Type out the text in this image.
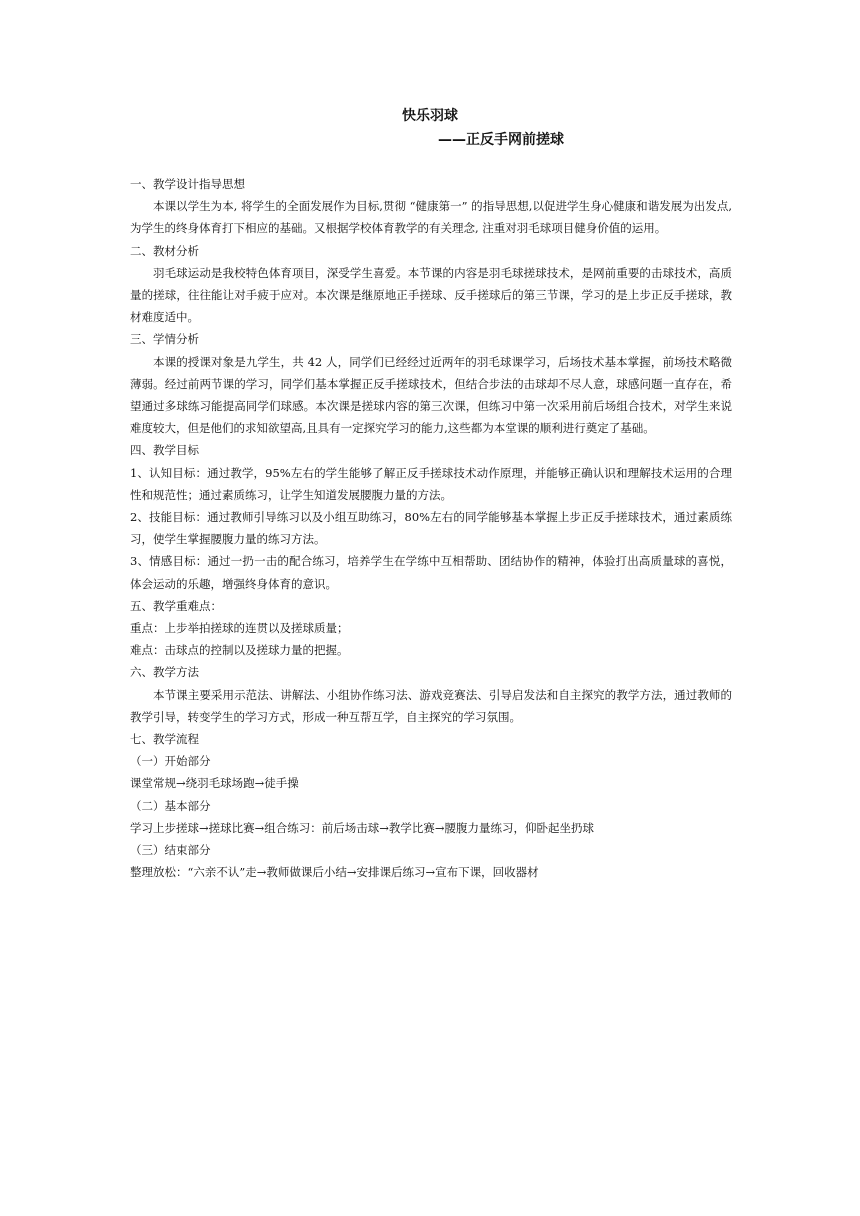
快乐羽球
——正反手网前搓球

一、教学设计指导思想

本课以学生为本, 将学生的全面发展作为目标,贯彻 “健康第一” 的指导思想,以促进学生身心健康和谐发展为出发点, 为学生的终身体育打下相应的基础。又根据学校体育教学的有关理念, 注重对羽毛球项目健身价值的运用。

二、教材分析

羽毛球运动是我校特色体育项目，深受学生喜爱。本节课的内容是羽毛球搓球技术，是网前重要的击球技术，高质量的搓球，往往能让对手疲于应对。本次课是继原地正手搓球、反手搓球后的第三节课，学习的是上步正反手搓球，教材难度适中。

三、学情分析

本课的授课对象是九学生，共 42 人，同学们已经经过近两年的羽毛球课学习，后场技术基本掌握，前场技术略微薄弱。经过前两节课的学习，同学们基本掌握正反手搓球技术，但结合步法的击球却不尽人意，球感问题一直存在，希望通过多球练习能提高同学们球感。本次课是搓球内容的第三次课，但练习中第一次采用前后场组合技术，对学生来说难度较大，但是他们的求知欲望高,且具有一定探究学习的能力,这些都为本堂课的顺利进行奠定了基础。

四、教学目标

1、认知目标：通过教学，95%左右的学生能够了解正反手搓球技术动作原理，并能够正确认识和理解技术运用的合理性和规范性；通过素质练习，让学生知道发展腰腹力量的方法。

2、技能目标：通过教师引导练习以及小组互助练习，80%左右的同学能够基本掌握上步正反手搓球技术，通过素质练习，使学生掌握腰腹力量的练习方法。

3、情感目标：通过一扔一击的配合练习，培养学生在学练中互相帮助、团结协作的精神，体验打出高质量球的喜悦，体会运动的乐趣，增强终身体育的意识。

五、教学重难点：

重点：上步举拍搓球的连贯以及搓球质量；

难点：击球点的控制以及搓球力量的把握。

六、教学方法

本节课主要采用示范法、讲解法、小组协作练习法、游戏竞赛法、引导启发法和自主探究的教学方法，通过教师的教学引导，转变学生的学习方式，形成一种互帮互学，自主探究的学习氛围。

七、教学流程

（一）开始部分

课堂常规→绕羽毛球场跑→徒手操

（二）基本部分

学习上步搓球→搓球比赛→组合练习：前后场击球→教学比赛→腰腹力量练习，仰卧起坐扔球

（三）结束部分

整理放松：“六亲不认”走→教师做课后小结→安排课后练习→宣布下课，回收器材
